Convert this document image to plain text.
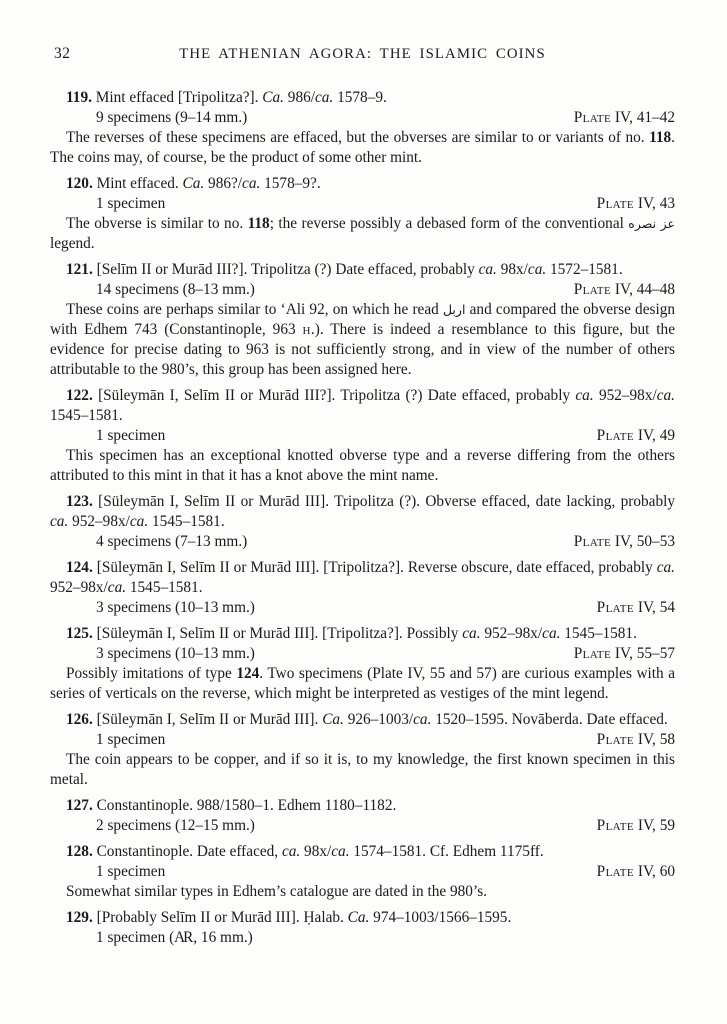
32	THE ATHENIAN AGORA: THE ISLAMIC COINS

119. Mint effaced [Tripolitza?]. Ca. 986/ca. 1578–9.

9 specimens (9–14 mm.)	Plate IV, 41–42

The reverses of these specimens are effaced, but the obverses are similar to or variants of no. 118. The coins may, of course, be the product of some other mint.

120. Mint effaced. Ca. 986?/ca. 1578–9?.

1 specimen	Plate IV, 43

The obverse is similar to no. 118; the reverse possibly a debased form of the conventional عز نصره legend.

121. [Selīm II or Murād III?]. Tripolitza (?) Date effaced, probably ca. 98x/ca. 1572–1581.

14 specimens (8–13 mm.)	Plate IV, 44–48

These coins are perhaps similar to ‘Ali 92, on which he read اربل and compared the obverse design with Edhem 743 (Constantinople, 963 h.). There is indeed a resemblance to this figure, but the evidence for precise dating to 963 is not sufficiently strong, and in view of the number of others attributable to the 980’s, this group has been assigned here.

122. [Süleymān I, Selīm II or Murād III?]. Tripolitza (?) Date effaced, probably ca. 952–98x/ca. 1545–1581.

1 specimen	Plate IV, 49

This specimen has an exceptional knotted obverse type and a reverse differing from the others attributed to this mint in that it has a knot above the mint name.

123. [Süleymān I, Selīm II or Murād III]. Tripolitza (?). Obverse effaced, date lacking, probably ca. 952–98x/ca. 1545–1581.

4 specimens (7–13 mm.)	Plate IV, 50–53

124. [Süleymān I, Selīm II or Murād III]. [Tripolitza?]. Reverse obscure, date effaced, probably ca. 952–98x/ca. 1545–1581.

3 specimens (10–13 mm.)	Plate IV, 54

125. [Süleymān I, Selīm II or Murād III]. [Tripolitza?]. Possibly ca. 952–98x/ca. 1545–1581.

3 specimens (10–13 mm.)	Plate IV, 55–57

Possibly imitations of type 124. Two specimens (Plate IV, 55 and 57) are curious examples with a series of verticals on the reverse, which might be interpreted as vestiges of the mint legend.

126. [Süleymān I, Selīm II or Murād III]. Ca. 926–1003/ca. 1520–1595. Novāberda. Date effaced.

1 specimen	Plate IV, 58

The coin appears to be copper, and if so it is, to my knowledge, the first known specimen in this metal.

127. Constantinople. 988/1580–1. Edhem 1180–1182.

2 specimens (12–15 mm.)	Plate IV, 59

128. Constantinople. Date effaced, ca. 98x/ca. 1574–1581. Cf. Edhem 1175ff.

1 specimen	Plate IV, 60

Somewhat similar types in Edhem’s catalogue are dated in the 980’s.

129. [Probably Selīm II or Murād III]. Ḥalab. Ca. 974–1003/1566–1595.

1 specimen (AR , 16 mm.)
